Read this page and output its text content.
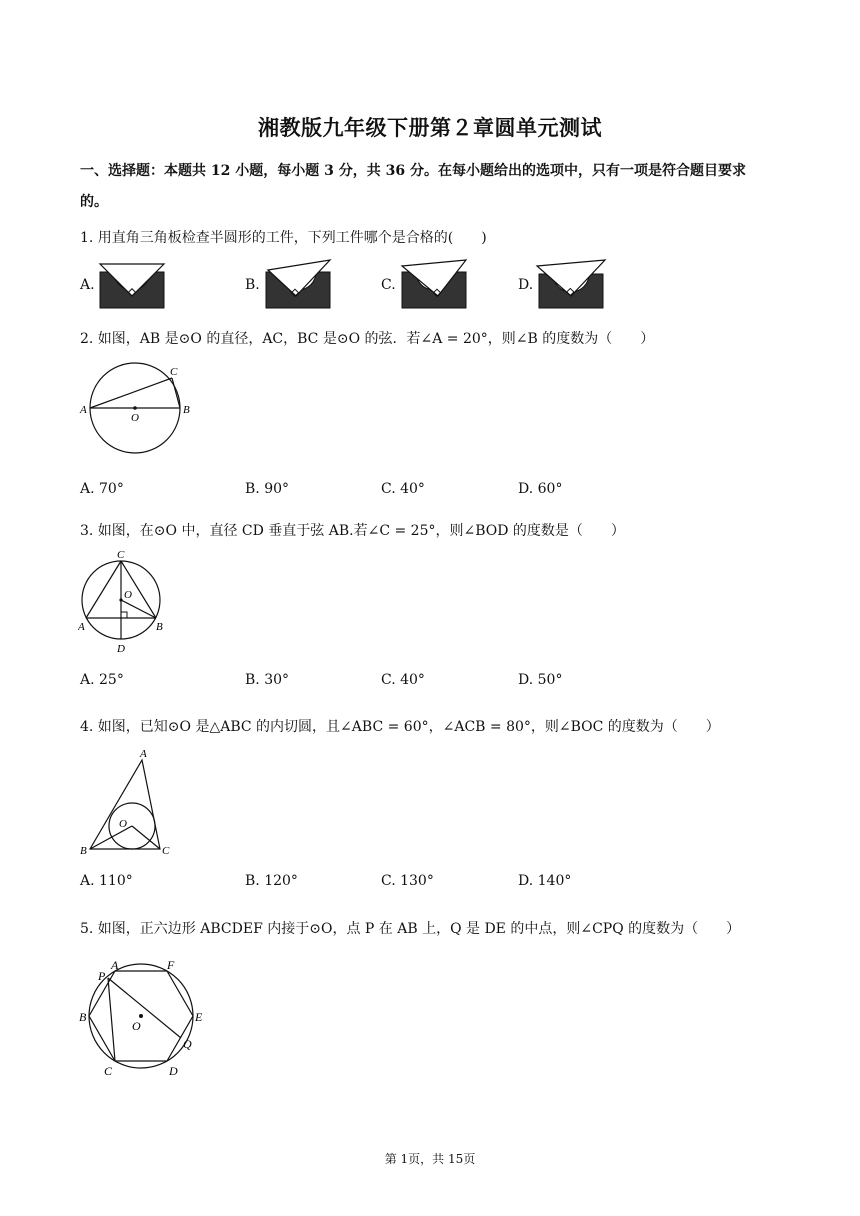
湘教版九年级下册第２章圆单元测试
一、选择题：本题共 12 小题，每小题 3 分，共 36 分。在每小题给出的选项中，只有一项是符合题目要求
的。
1. 用直角三角板检查半圆形的工件，下列工件哪个是合格的(　　)
A.	B.	C.	D.
2. 如图，AB 是⊙O 的直径，AC，BC 是⊙O 的弦．若∠A = 20°，则∠B 的度数为（　　）
A	B
C
O
A. 70°	B. 90°	C. 40°	D. 60°
3. 如图，在⊙O 中，直径 CD 垂直于弦 AB.若∠C = 25°，则∠BOD 的度数是（　　）
C
O
A	B
D
A. 25°	B. 30°	C. 40°	D. 50°
4. 如图，已知⊙O 是△ABC 的内切圆，且∠ABC = 60°，∠ACB = 80°，则∠BOC 的度数为（　　）
A
O
B	C
A. 110°	B. 120°	C. 130°	D. 140°
5. 如图，正六边形 ABCDEF 内接于⊙O，点 P 在 AB 上，Q 是 DE 的中点，则∠CPQ 的度数为（　　）
P
A	F
B
O
E
Q
C	D
第 1页，共 15页
